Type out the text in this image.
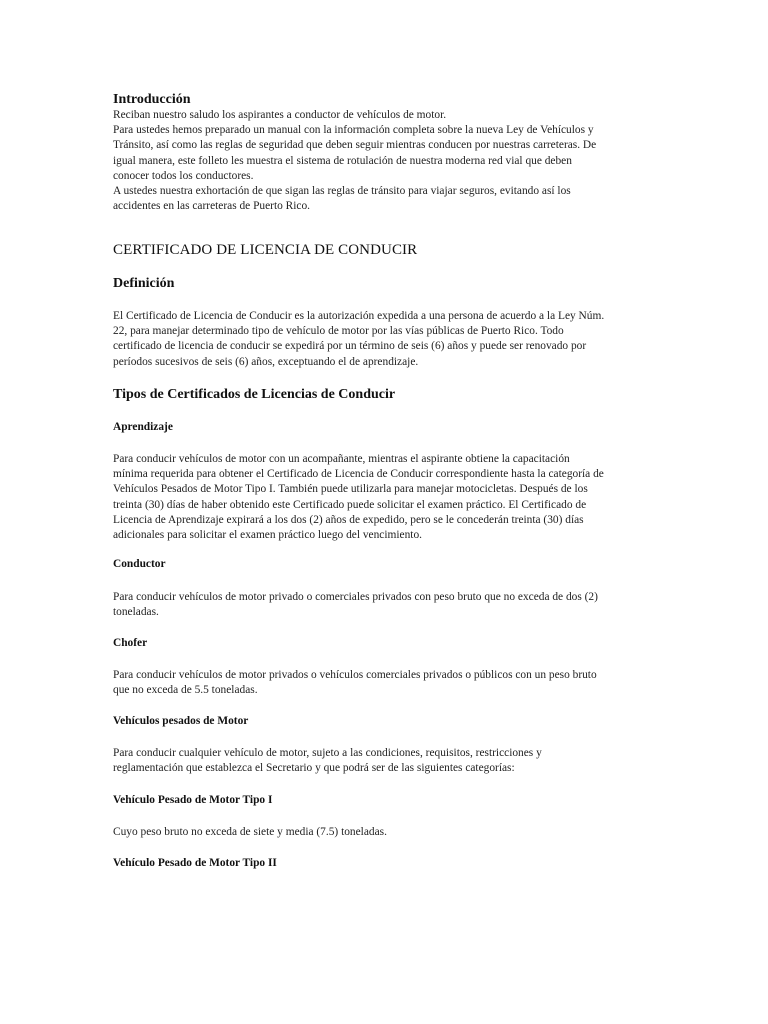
Introducción
Reciban nuestro saludo los aspirantes a conductor de vehículos de motor.
Para ustedes hemos preparado un manual con la información completa sobre la nueva Ley de Vehículos y
Tránsito, así como las reglas de seguridad que deben seguir mientras conducen por nuestras carreteras. De
igual manera, este folleto les muestra el sistema de rotulación de nuestra moderna red vial que deben
conocer todos los conductores.
A ustedes nuestra exhortación de que sigan las reglas de tránsito para viajar seguros, evitando así los
accidentes en las carreteras de Puerto Rico.
CERTIFICADO DE LICENCIA DE CONDUCIR
Definición
El Certificado de Licencia de Conducir es la autorización expedida a una persona de acuerdo a la Ley Núm.
22, para manejar determinado tipo de vehículo de motor por las vías públicas de Puerto Rico. Todo
certificado de licencia de conducir se expedirá por un término de seis (6) años y puede ser renovado por
períodos sucesivos de seis (6) años, exceptuando el de aprendizaje.
Tipos de Certificados de Licencias de Conducir
Aprendizaje
Para conducir vehículos de motor con un acompañante, mientras el aspirante obtiene la capacitación
mínima requerida para obtener el Certificado de Licencia de Conducir correspondiente hasta la categoría de
Vehículos Pesados de Motor Tipo I. También puede utilizarla para manejar motocicletas. Después de los
treinta (30) días de haber obtenido este Certificado puede solicitar el examen práctico. El Certificado de
Licencia de Aprendizaje expirará a los dos (2) años de expedido, pero se le concederán treinta (30) días
adicionales para solicitar el examen práctico luego del vencimiento.
Conductor
Para conducir vehículos de motor privado o comerciales privados con peso bruto que no exceda de dos (2)
toneladas.
Chofer
Para conducir vehículos de motor privados o vehículos comerciales privados o públicos con un peso bruto
que no exceda de 5.5 toneladas.
Vehículos pesados de Motor
Para conducir cualquier vehículo de motor, sujeto a las condiciones, requisitos, restricciones y
reglamentación que establezca el Secretario y que podrá ser de las siguientes categorías:
Vehículo Pesado de Motor Tipo I
Cuyo peso bruto no exceda de siete y media (7.5) toneladas.
Vehículo Pesado de Motor Tipo II
